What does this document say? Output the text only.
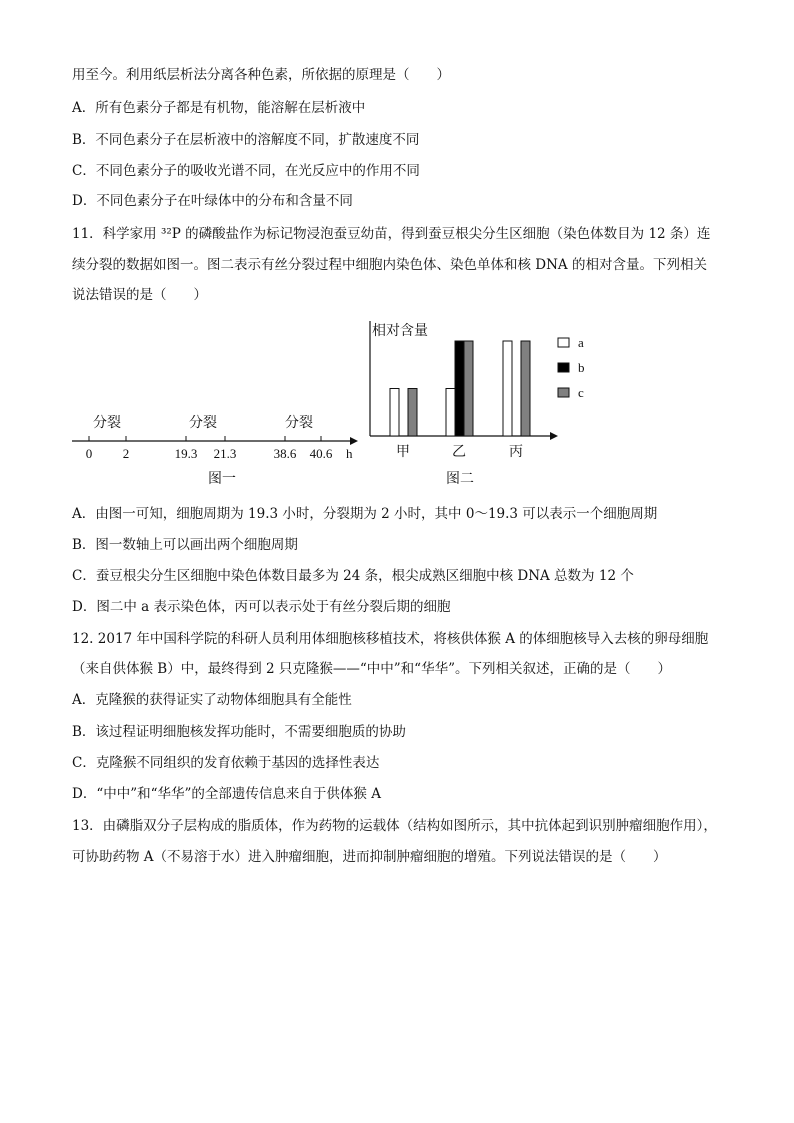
用至今。利用纸层析法分离各种色素，所依据的原理是（　　）
A．所有色素分子都是有机物，能溶解在层析液中
B．不同色素分子在层析液中的溶解度不同，扩散速度不同
C．不同色素分子的吸收光谱不同，在光反应中的作用不同
D．不同色素分子在叶绿体中的分布和含量不同
11．科学家用 ³²P 的磷酸盐作为标记物浸泡蚕豆幼苗，得到蚕豆根尖分生区细胞（染色体数目为 12 条）连
续分裂的数据如图一。图二表示有丝分裂过程中细胞内染色体、染色单体和核 DNA 的相对含量。下列相关
说法错误的是（　　）
0 2	19.3 21.3	38.6 40.6
分裂	分裂	分裂
h
图一
相对含量
甲	乙	丙
a
b
c
图二
A．由图一可知，细胞周期为 19.3 小时，分裂期为 2 小时，其中 0～19.3 可以表示一个细胞周期
B．图一数轴上可以画出两个细胞周期
C．蚕豆根尖分生区细胞中染色体数目最多为 24 条，根尖成熟区细胞中核 DNA 总数为 12 个
D．图二中 a 表示染色体，丙可以表示处于有丝分裂后期的细胞
12. 2017 年中国科学院的科研人员利用体细胞核移植技术，将核供体猴 A 的体细胞核导入去核的卵母细胞
（来自供体猴 B）中，最终得到 2 只克隆猴——“中中”和“华华”。下列相关叙述，正确的是（　　）
A．克隆猴的获得证实了动物体细胞具有全能性
B．该过程证明细胞核发挥功能时，不需要细胞质的协助
C．克隆猴不同组织的发育依赖于基因的选择性表达
D．“中中”和“华华”的全部遗传信息来自于供体猴 A
13．由磷脂双分子层构成的脂质体，作为药物的运载体（结构如图所示，其中抗体起到识别肿瘤细胞作用），
可协助药物 A（不易溶于水）进入肿瘤细胞，进而抑制肿瘤细胞的增殖。下列说法错误的是（　　）
